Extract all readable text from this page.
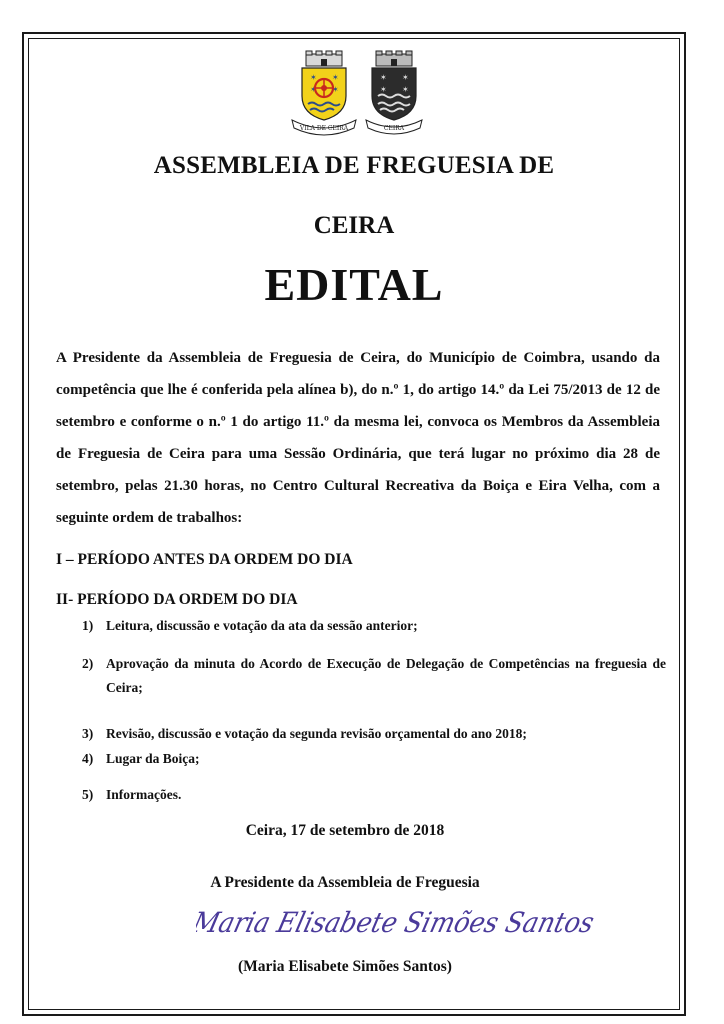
✶ ✶
✶ ✶
VILA DE CEIRA
✶ ✶
✶ ✶
CEIRA
ASSEMBLEIA DE FREGUESIA DE
CEIRA
EDITAL
A Presidente da Assembleia de Freguesia de Ceira, do Município de Coimbra, usando da competência que lhe é conferida pela alínea b), do n.º 1, do artigo 14.º da Lei 75/2013 de 12 de setembro e conforme o n.º 1 do artigo 11.º da mesma lei, convoca os Membros da Assembleia de Freguesia de Ceira para uma Sessão Ordinária, que terá lugar no próximo dia 28 de setembro, pelas 21.30 horas, no Centro Cultural Recreativa da Boiça e Eira Velha, com a seguinte ordem de trabalhos:
I – PERÍODO ANTES DA ORDEM DO DIA
II- PERÍODO DA ORDEM DO DIA
1) Leitura, discussão e votação da ata da sessão anterior;
2) Aprovação da minuta do Acordo de Execução de Delegação de Competências na freguesia de Ceira;
3) Revisão, discussão e votação da segunda revisão orçamental do ano 2018;
4) Lugar da Boiça;
5) Informações.
Ceira, 17 de setembro de 2018
A Presidente da Assembleia de Freguesia
Maria Elisabete Simões Santos
(Maria Elisabete Simões Santos)
